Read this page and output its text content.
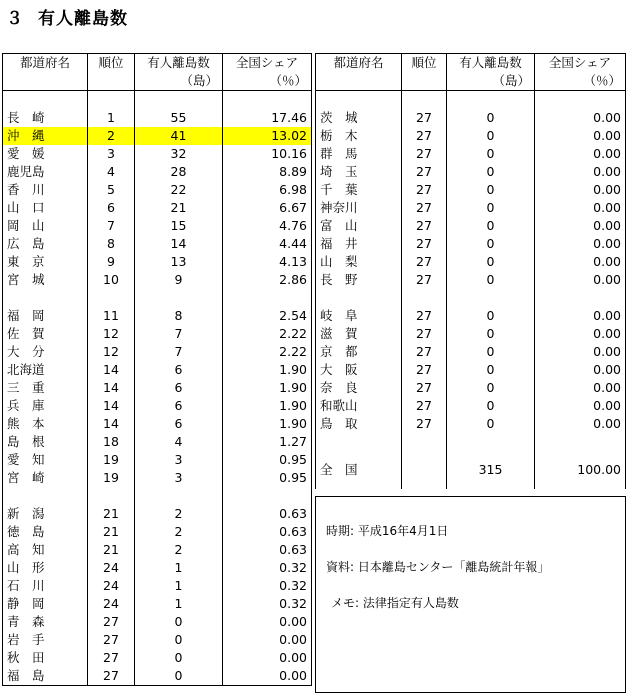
３ 有人離島数
都道府名	順位	有人離島数	全国シェア
		（島）	（％）

長　崎	1	55	17.46
沖　縄	2	41	13.02
愛　媛	3	32	10.16
鹿児島	4	28	8.89
香　川	5	22	6.98
山　口	6	21	6.67
岡　山	7	15	4.76
広　島	8	14	4.44
東　京	9	13	4.13
宮　城	10	9	2.86

福　岡	11	8	2.54
佐　賀	12	7	2.22
大　分	12	7	2.22
北海道	14	6	1.90
三　重	14	6	1.90
兵　庫	14	6	1.90
熊　本	14	6	1.90
島　根	18	4	1.27
愛　知	19	3	0.95
宮　崎	19	3	0.95

新　潟	21	2	0.63
徳　島	21	2	0.63
高　知	21	2	0.63
山　形	24	1	0.32
石　川	24	1	0.32
静　岡	24	1	0.32
青　森	27	0	0.00
岩　手	27	0	0.00
秋　田	27	0	0.00
福　島	27	0	0.00
都道府名	順位	有人離島数	全国シェア
		（島）	（％）

茨　城	27	0	0.00
栃　木	27	0	0.00
群　馬	27	0	0.00
埼　玉	27	0	0.00
千　葉	27	0	0.00
神奈川	27	0	0.00
富　山	27	0	0.00
福　井	27	0	0.00
山　梨	27	0	0.00
長　野	27	0	0.00

岐　阜	27	0	0.00
滋　賀	27	0	0.00
京　都	27	0	0.00
大　阪	27	0	0.00
奈　良	27	0	0.00
和歌山	27	0	0.00
鳥　取	27	0	0.00

全　国		315	100.00
時期: 平成16年4月1日
資料: 日本離島センター「離島統計年報」
メモ: 法律指定有人島数
